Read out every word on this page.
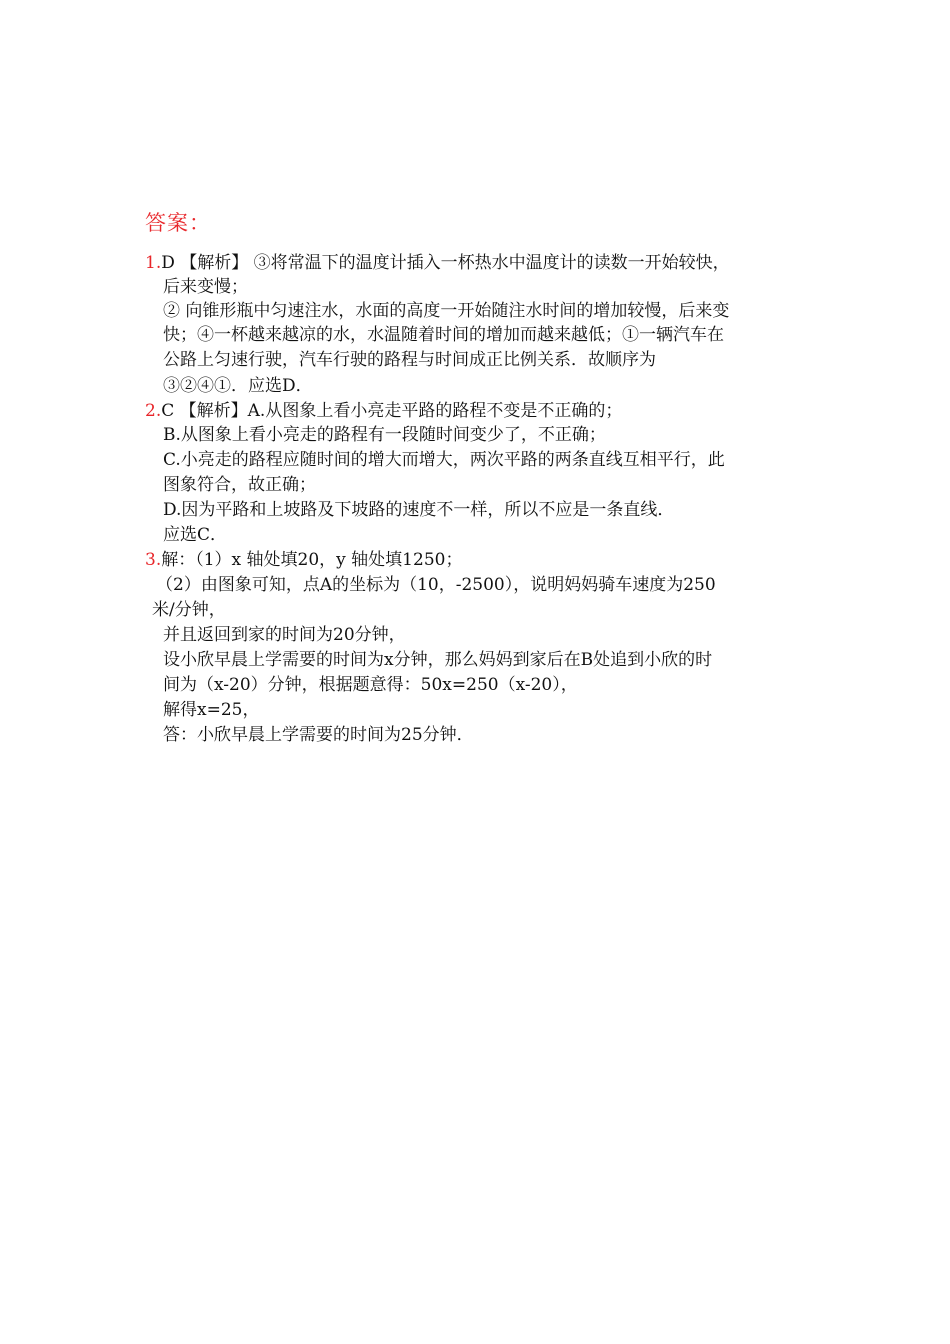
答案：
1.D 【解析】 ③将常温下的温度计插入一杯热水中温度计的读数一开始较快，
后来变慢；
② 向锥形瓶中匀速注水，水面的高度一开始随注水时间的增加较慢，后来变
快；④一杯越来越凉的水，水温随着时间的增加而越来越低；①一辆汽车在
公路上匀速行驶，汽车行驶的路程与时间成正比例关系．故顺序为
③②④①．应选D．
2.C 【解析】A.从图象上看小亮走平路的路程不变是不正确的；
B.从图象上看小亮走的路程有一段随时间变少了，不正确；
C.小亮走的路程应随时间的增大而增大，两次平路的两条直线互相平行，此
图象符合，故正确；
D.因为平路和上坡路及下坡路的速度不一样，所以不应是一条直线．
应选C．
3.解：（1）x 轴处填20，y 轴处填1250；
（2）由图象可知，点A的坐标为（10，-2500），说明妈妈骑车速度为250
米/分钟，
并且返回到家的时间为20分钟，
设小欣早晨上学需要的时间为x分钟，那么妈妈到家后在B处追到小欣的时
间为（x-20）分钟，根据题意得：50x=250（x-20），
解得x=25，
答：小欣早晨上学需要的时间为25分钟．
